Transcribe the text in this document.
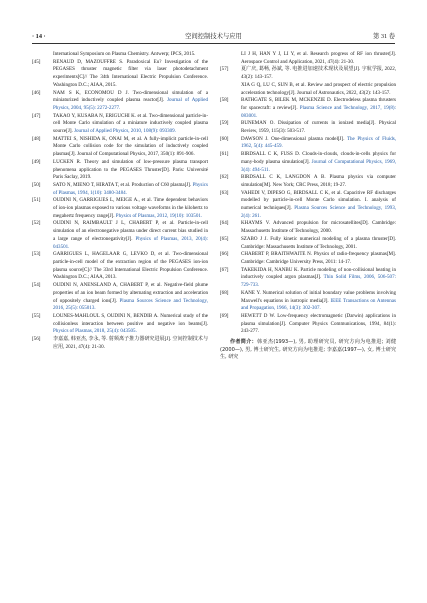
· 14 ·	空间控制技术与应用	第 31 卷

International Symposium on Plasma Chemistry. Antwerp; IPCS, 2015.

[45] RENAUD D, MAZOUFFRE S. Paradoxical Eu? Investigation of the PEGASES thruster magnetic filter via laser photodetachment experiments[C]// The 34th International Electric Propulsion Conference. Washington D.C.; AIAA, 2015.

[46] NAM S K, ECONOMOU D J. Two-dimensional simulation of a miniaturized inductively coupled plasma reactor[J]. Journal of Applied Physics, 2004, 95(5): 2272-2277.

[47] TAKAO Y, KUSABA N, ERIGUCHI K. et al. Two-dimensional particle-in-cell Monte Carlo simulation of a miniature inductively coupled plasma source[J]. Journal of Applied Physics, 2010, 108(9): 093309.

[48] MATTEI S, NISHIDA K, ONAI M, et al. A fully-implicit particle-in-cell Monte Carlo collision code for the simulation of inductively coupled plasmas[J]. Journal of Computational Physics, 2017, 350(1): 891-906.

[49] LUCKEN R. Theory and simulation of low-pressure plasma transport phenomena application to the PEGASES Thruster[D]. Paris: Université Paris Saclay, 2019.

[50] SATO N, MIENO T, HIRATA T, et al. Production of C60 plasma[J]. Physics of Plasmas, 1994, 1(10): 3480-3484.

[51] OUDINI N, GARRIGUES L, MEIGE A., et al. Time dependent behaviors of ion-ion plasmas exposed to various voltage waveforms in the kilohertz to megahertz frequency range[J]. Physics of Plasmas, 2012, 19(10): 103501.

[52] OUDINI N, RAIMBAULT J L, CHABERT P, et al. Particle-in-cell simulation of an electronegative plasma under direct current bias studied in a large range of electronegativity[J]. Physics of Plasmas, 2013, 20(4): 043501.

[53] GARRIGUES L, HAGELAAR G, LEVKO D, et al. Two-dimensional particle-in-cell model of the extraction region of the PEGASES ion-ion plasma source[C]// The 33rd International Electric Propulsion Conference. Washington D.C.; AIAA, 2013.

[54] OUDINI N, ANENSLAND A, CHABERT P, et al. Negative-field plume properties of an ion beam formed by alternating extraction and acceleration of oppositely charged ions[J]. Plasma Sources Science and Technology, 2016, 25(5): 055013.

[55] LOUNES-MAHLOUL S, OUDINI N, BENDIB A. Numerical study of the collisionless interaction between positive and negative ion beams[J]. Physics of Plasmas, 2018, 25(4): 043505.

[56] 李嘉嘉, 韩亚杰, 李永, 等. 射频离子推力器研究进展[J]. 空间控制技术与应用, 2021, 47(4): 21-30.

LI J H, HAN Y J, LI Y, et al. Research progress of RF ion thruster[J]. Aerospace Control and Application, 2021, 47(4): 21-30.

[57] 夏广庆, 葛畅, 孙斌, 等. 电推进加速技术现状及展望[J]. 宇航学报, 2022, 43(2): 143-157.

XIA G Q, LU C, SUN B, et al. Review and prospect of electric propulsion acceleration technology[J]. Journal of Astronautics, 2022, 43(2): 143-157.

[58] BATHGATE S, BILEK M, MCKENZIE D. Electrodeless plasma thrusters for spacecraft: a review[J]. Plasma Science and Technology, 2017, 19(8): 083001.

[59] BUNEMAN O. Dissipation of currents in ionized media[J]. Physical Review, 1959, 115(3): 503-517.

[60] DAWSON J. One-dimensional plasma model[J]. The Physics of Fluids, 1962, 5(4): 445-459.

[61] BIRDSALL C K, FUSS D. Clouds-in-clouds, clouds-in-cells physics for many-body plasma simulation[J]. Journal of Computational Physics, 1969, 3(4): 494-511.

[62] BIRDSALL C K, LANGDON A B. Plasma physics via computer simulation[M]. New York; CRC Press, 2018; 19-27.

[63] VAHEDI V, DIPESO G, BIRDSALL C K, et al. Capacitive RF discharges modelled by particle-in-cell Monte Carlo simulation. I. analysis of numerical techniques[J]. Plasma Sources Science and Technology, 1993, 2(4): 261.

[64] KHAYMS V. Advanced propulsion for microsatellites[D]. Cambridge: Massachusetts Institute of Technology, 2000.

[65] SZABO J J. Fully kinetic numerical modeling of a plasma thruster[D]. Cambridge: Massachusetts Institute of Technology, 2001.

[66] CHABERT P, BRAITHWAITE N. Physics of radio-frequency plasmas[M]. Cambridge: Cambridge University Press, 2011: 14-17.

[67] TAKEKIDA H, NANBU K. Particle modeling of non-collisional heating in inductively coupled argon plasmas[J]. Thin Solid Films, 2006, 506-507: 729-733.

[68] KANE Y. Numerical solution of initial boundary value problems involving Maxwell's equations in isotropic media[J]. IEEE Transactions on Antennas and Propagation, 1966, 14(3): 302-307.

[69] HEWETT D W. Low-frequency electromagnetic (Darwin) applications in plasma simulation[J]. Computer Physics Communications, 1994, 84(1): 243-277.

作者简介：韩亚杰(1993—), 男, 助理研究员, 研究方向为电推进; 刘健(2000—), 男, 博士研究生, 研究方向为电推进; 李嘉嘉(1997—), 女, 博士研究生, 研究
